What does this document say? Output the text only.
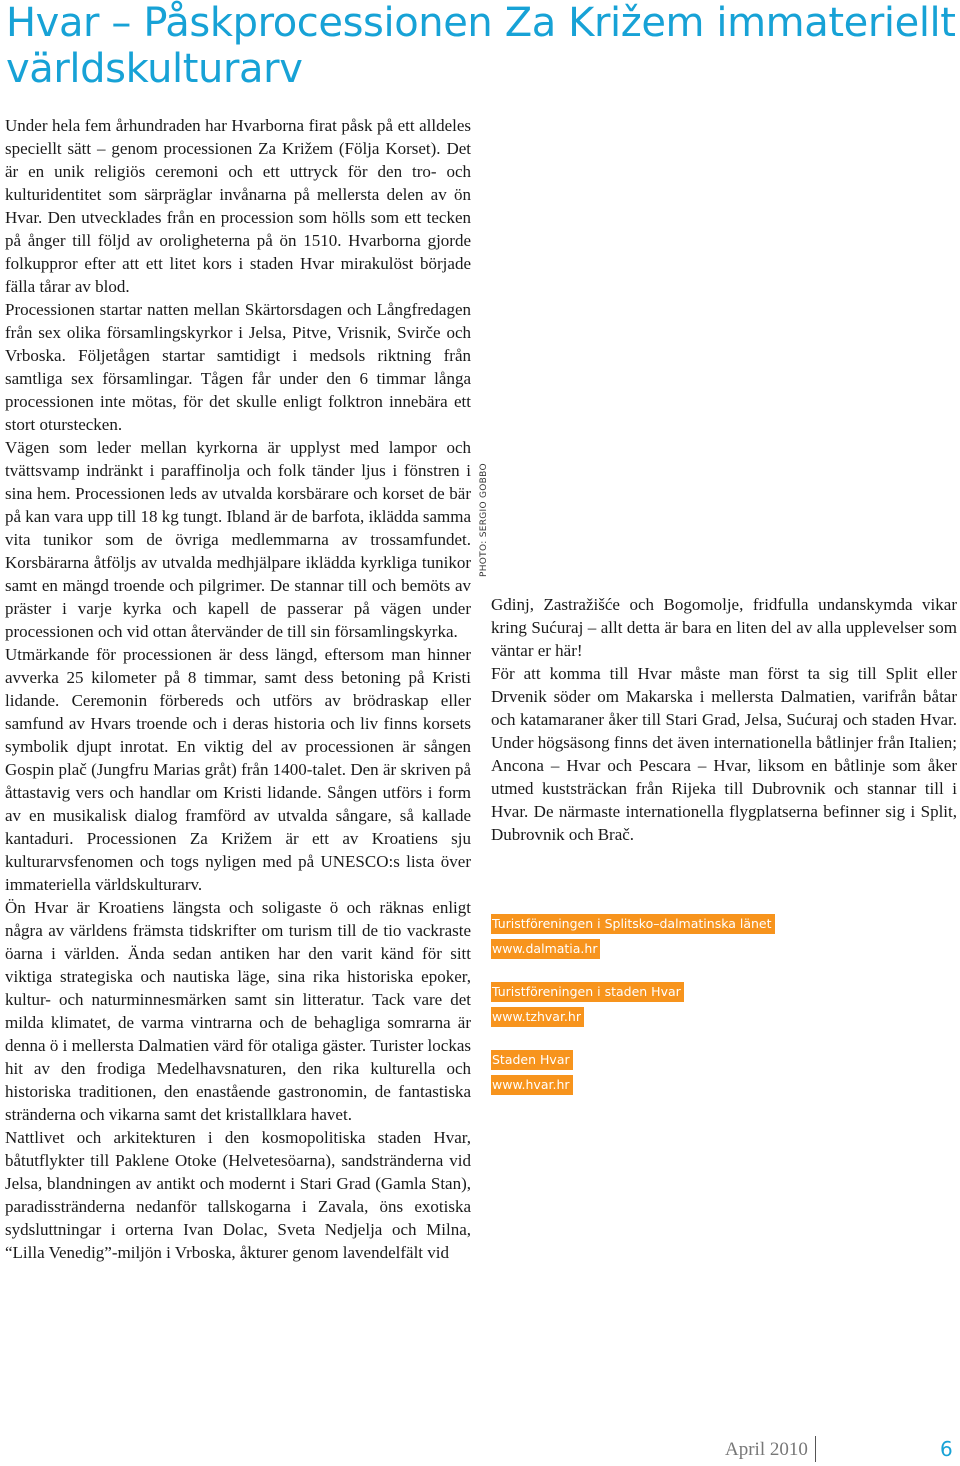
Hvar – Påskprocessionen Za Križem immateriellt världskulturarv

Under hela fem århundraden har Hvarborna firat påsk på ett alldeles speciellt sätt – genom processionen Za Križem (Följa Korset). Det är en unik religiös ceremoni och ett uttryck för den tro- och kulturidentitet som särpräglar invånarna på mellersta delen av ön Hvar. Den utvecklades från en procession som hölls som ett tecken på ånger till följd av oroligheterna på ön 1510. Hvarborna gjorde folkuppror efter att ett litet kors i staden Hvar mirakulöst började fälla tårar av blod.

Processionen startar natten mellan Skärtorsdagen och Långfredagen från sex olika församlingskyrkor i Jelsa, Pitve, Vrisnik, Svirče och Vrboska. Följetågen startar samtidigt i medsols riktning från samtliga sex församlingar. Tågen får under den 6 timmar långa processionen inte mötas, för det skulle enligt folktron innebära ett stort oturstecken.

Vägen som leder mellan kyrkorna är upplyst med lampor och tvättsvamp indränkt i paraffinolja och folk tänder ljus i fönstren i sina hem. Processionen leds av utvalda korsbärare och korset de bär på kan vara upp till 18 kg tungt. Ibland är de barfota, iklädda samma vita tunikor som de övriga medlemmarna av trossamfundet. Korsbärarna åtföljs av utvalda medhjälpare iklädda kyrkliga tunikor samt en mängd troende och pilgrimer. De stannar till och bemöts av präster i varje kyrka och kapell de passerar på vägen under processionen och vid ottan återvänder de till sin församlingskyrka.

Utmärkande för processionen är dess längd, eftersom man hinner avverka 25 kilometer på 8 timmar, samt dess betoning på Kristi lidande. Ceremonin förbereds och utförs av brödraskap eller samfund av Hvars troende och i deras historia och liv finns korsets symbolik djupt inrotat. En viktig del av processionen är sången Gospin plač (Jungfru Marias gråt) från 1400-talet. Den är skriven på åttastavig vers och handlar om Kristi lidande. Sången utförs i form av en musikalisk dialog framförd av utvalda sångare, så kallade kantaduri. Processionen Za Križem är ett av Kroatiens sju kulturarvsfenomen och togs nyligen med på UNESCO:s lista över immateriella världskulturarv.

Ön Hvar är Kroatiens längsta och soligaste ö och räknas enligt några av världens främsta tidskrifter om turism till de tio vackraste öarna i världen. Ända sedan antiken har den varit känd för sitt viktiga strategiska och nautiska läge, sina rika historiska epoker, kultur- och naturminnesmärken samt sin litteratur. Tack vare det milda klimatet, de varma vintrarna och de behagliga somrarna är denna ö i mellersta Dalmatien värd för otaliga gäster. Turister lockas hit av den frodiga Medelhavsnaturen, den rika kulturella och historiska traditionen, den enastående gastronomin, de fantastiska stränderna och vikarna samt det kristallklara havet.

Nattlivet och arkitekturen i den kosmopolitiska staden Hvar, båtutflykter till Paklene Otoke (Helvetesöarna), sandstränderna vid Jelsa, blandningen av antikt och modernt i Stari Grad (Gamla Stan), paradisstränderna nedanför tallskogarna i Zavala, öns exotiska sydsluttningar i orterna Ivan Dolac, Sveta Nedjelja och Milna, “Lilla Venedig”-miljön i Vrboska, åkturer genom lavendelfält vid

PHOTO: SERGIO GOBBO

Gdinj, Zastražišće och Bogomolje, fridfulla undanskymda vikar kring Sućuraj – allt detta är bara en liten del av alla upplevelser som väntar er här!

För att komma till Hvar måste man först ta sig till Split eller Drvenik söder om Makarska i mellersta Dalmatien, varifrån båtar och katamaraner åker till Stari Grad, Jelsa, Sućuraj och staden Hvar. Under högsäsong finns det även internationella båtlinjer från Italien; Ancona – Hvar och Pescara – Hvar, liksom en båtlinje som åker utmed kuststräckan från Rijeka till Dubrovnik och stannar till i Hvar. De närmaste internationella flygplatserna befinner sig i Split, Dubrovnik och Brač.

Turistföreningen i Splitsko–dalmatinska länet
www.dalmatia.hr
Turistföreningen i staden Hvar
www.tzhvar.hr
Staden Hvar
www.hvar.hr
April 2010	6
